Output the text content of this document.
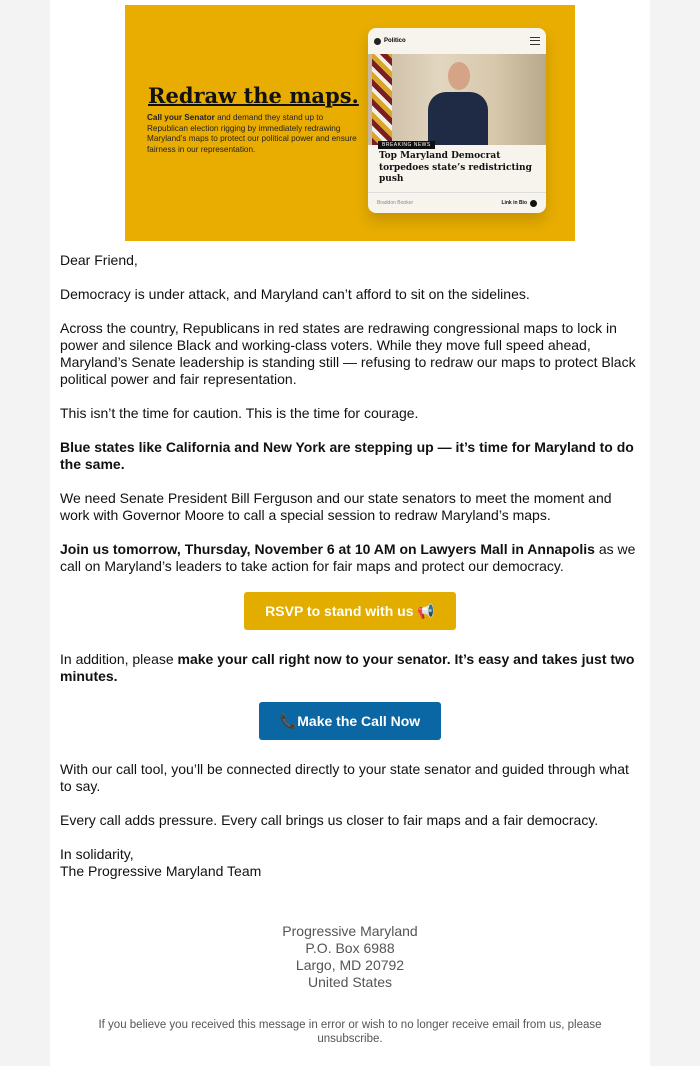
Redraw the maps.
Call your Senator and demand they stand up to Republican election rigging by immediately redrawing Maryland’s maps to protect our political power and ensure fairness in our representation.
Politico
BREAKING NEWS
Top Maryland Democrat torpedoes state’s redistricting push
Braddon Booker	Link in Bio

Dear Friend,

Democracy is under attack, and Maryland can’t afford to sit on the sidelines.

Across the country, Republicans in red states are redrawing congressional maps to lock in power and silence Black and working-class voters. While they move full speed ahead, Maryland’s Senate leadership is standing still — refusing to redraw our maps to protect Black political power and fair representation.

This isn’t the time for caution. This is the time for courage.

Blue states like California and New York are stepping up — it’s time for Maryland to do the same.

We need Senate President Bill Ferguson and our state senators to meet the moment and work with Governor Moore to call a special session to redraw Maryland’s maps.

Join us tomorrow, Thursday, November 6 at 10 AM on Lawyers Mall in Annapolis as we call on Maryland’s leaders to take action for fair maps and protect our democracy.

RSVP to stand with us 📢

In addition, please make your call right now to your senator. It’s easy and takes just two minutes.

📞Make the Call Now

With our call tool, you’ll be connected directly to your state senator and guided through what to say.

Every call adds pressure. Every call brings us closer to fair maps and a fair democracy.

In solidarity,
The Progressive Maryland Team

Progressive Maryland
P.O. Box 6988
Largo, MD 20792
United States
If you believe you received this message in error or wish to no longer receive email from us, please unsubscribe.
